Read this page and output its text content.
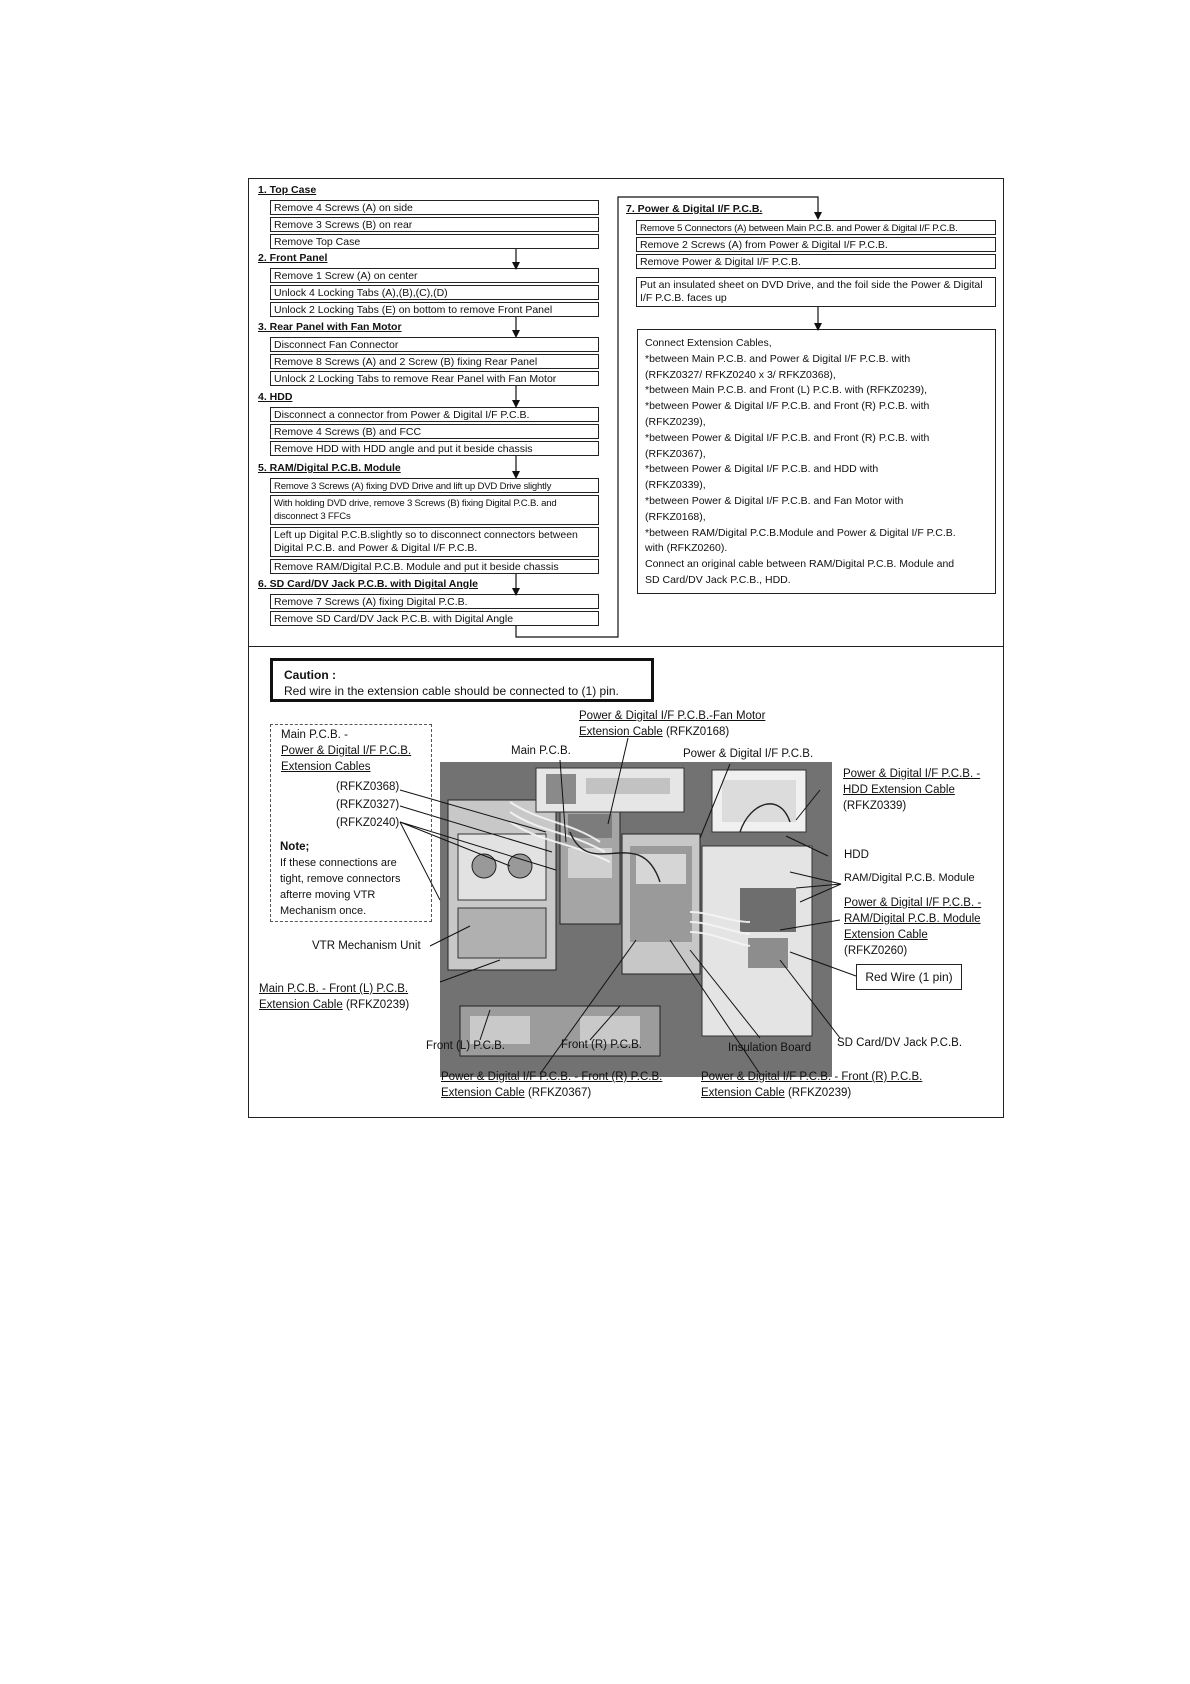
1. Top Case
Remove 4 Screws (A) on side
Remove 3 Screws (B) on rear
Remove Top Case
2. Front Panel
Remove 1 Screw (A) on center
Unlock 4 Locking Tabs (A),(B),(C),(D)
Unlock 2 Locking Tabs (E) on bottom to remove Front Panel
3. Rear Panel with Fan Motor
Disconnect Fan Connector
Remove 8 Screws (A) and 2 Screw (B) fixing Rear Panel
Unlock 2 Locking Tabs to remove Rear Panel with Fan Motor
4. HDD
Disconnect a connector from Power & Digital I/F P.C.B.
Remove 4 Screws (B) and FCC
Remove HDD with HDD angle and put it beside chassis
5. RAM/Digital P.C.B. Module
Remove 3 Screws (A) fixing DVD Drive and lift up DVD Drive slightly
With holding DVD drive, remove 3 Screws (B) fixing Digital P.C.B. and disconnect 3 FFCs
Left up Digital P.C.B.slightly so to disconnect connectors between Digital P.C.B. and Power & Digital I/F P.C.B.
Remove RAM/Digital P.C.B. Module and put it beside chassis
6. SD Card/DV Jack P.C.B. with Digital Angle
Remove 7 Screws (A) fixing Digital P.C.B.
Remove SD Card/DV Jack P.C.B. with Digital Angle
7. Power & Digital I/F P.C.B.
Remove 5 Connectors (A) between Main P.C.B. and Power & Digital I/F P.C.B.
Remove 2 Screws (A) from Power & Digital I/F P.C.B.
Remove Power & Digital I/F P.C.B.
Put an insulated sheet on DVD Drive, and the foil side the Power & Digital I/F P.C.B. faces up
Connect Extension Cables,
*between Main P.C.B. and Power & Digital I/F P.C.B. with
(RFKZ0327/ RFKZ0240 x 3/ RFKZ0368),
*between Main P.C.B. and Front (L) P.C.B. with (RFKZ0239),
*between Power & Digital I/F P.C.B. and Front (R) P.C.B. with
(RFKZ0239),
*between Power & Digital I/F P.C.B. and Front (R) P.C.B. with
(RFKZ0367),
*between Power & Digital I/F P.C.B. and HDD with
(RFKZ0339),
*between Power & Digital I/F P.C.B. and Fan Motor with
(RFKZ0168),
*between RAM/Digital P.C.B.Module and Power & Digital I/F P.C.B.
with (RFKZ0260).
Connect an original cable between RAM/Digital P.C.B. Module and
SD Card/DV Jack P.C.B., HDD.
Caution :
Red wire in the extension cable should be connected to (1) pin.
Main P.C.B. -
Power & Digital I/F P.C.B.
Extension Cables
(RFKZ0368)
(RFKZ0327)
(RFKZ0240)
Note;
If these connections are
tight, remove connectors
afterre moving VTR
Mechanism once.
Power & Digital I/F P.C.B.-Fan Motor
Extension Cable (RFKZ0168)
Main P.C.B.	Power & Digital I/F P.C.B.
Power & Digital I/F P.C.B. -
HDD Extension Cable
(RFKZ0339)
HDD
RAM/Digital P.C.B. Module
Power & Digital I/F P.C.B. -
RAM/Digital P.C.B. Module
Extension Cable
(RFKZ0260)
Red Wire (1 pin)
VTR Mechanism Unit
Main P.C.B. - Front (L) P.C.B.
Extension Cable (RFKZ0239)
Front (L) P.C.B.	Front (R) P.C.B.	Insulation Board SD Card/DV Jack P.C.B.
Power & Digital I/F P.C.B. - Front (R) P.C.B.
Extension Cable (RFKZ0367)
Power & Digital I/F P.C.B. - Front (R) P.C.B.
Extension Cable (RFKZ0239)
